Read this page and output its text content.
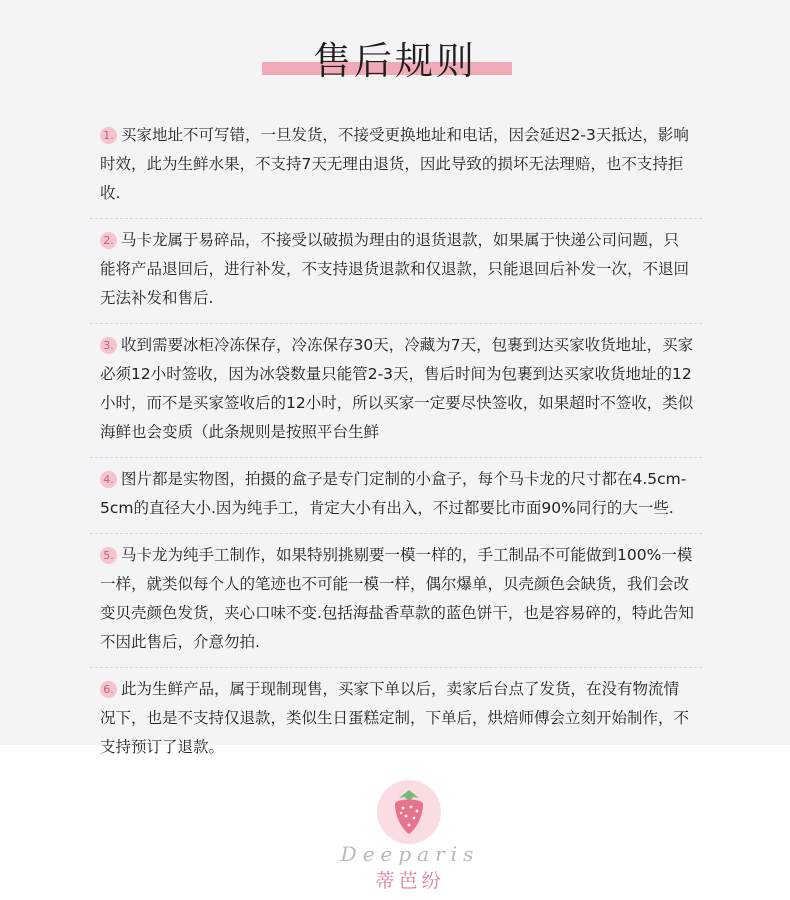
售后规则
1. 买家地址不可写错，一旦发货，不接受更换地址和电话，因会延迟2-3天抵达，影响时效，此为生鲜水果，不支持7天无理由退货，因此导致的损坏无法理赔，也不支持拒收.
2. 马卡龙属于易碎品，不接受以破损为理由的退货退款，如果属于快递公司问题，只能将产品退回后，进行补发，不支持退货退款和仅退款，只能退回后补发一次，不退回无法补发和售后.
3. 收到需要冰柜冷冻保存，冷冻保存30天，冷藏为7天，包裹到达买家收货地址，买家必须12小时签收，因为冰袋数量只能管2-3天，售后时间为包裹到达买家收货地址的12小时，而不是买家签收后的12小时，所以买家一定要尽快签收，如果超时不签收，类似海鲜也会变质（此条规则是按照平台生鲜
4. 图片都是实物图，拍摄的盒子是专门定制的小盒子，每个马卡龙的尺寸都在4.5cm-5cm的直径大小.因为纯手工，肯定大小有出入，不过都要比市面90%同行的大一些.
5. 马卡龙为纯手工制作，如果特别挑剔要一模一样的，手工制品不可能做到100%一模一样，就类似每个人的笔迹也不可能一模一样，偶尔爆单，贝壳颜色会缺货，我们会改变贝壳颜色发货，夹心口味不变.包括海盐香草款的蓝色饼干，也是容易碎的，特此告知不因此售后，介意勿拍.
6. 此为生鲜产品，属于现制现售，买家下单以后，卖家后台点了发货，在没有物流情况下，也是不支持仅退款，类似生日蛋糕定制，下单后，烘焙师傅会立刻开始制作，不支持预订了退款。
Deeparis
蒂芭纷
